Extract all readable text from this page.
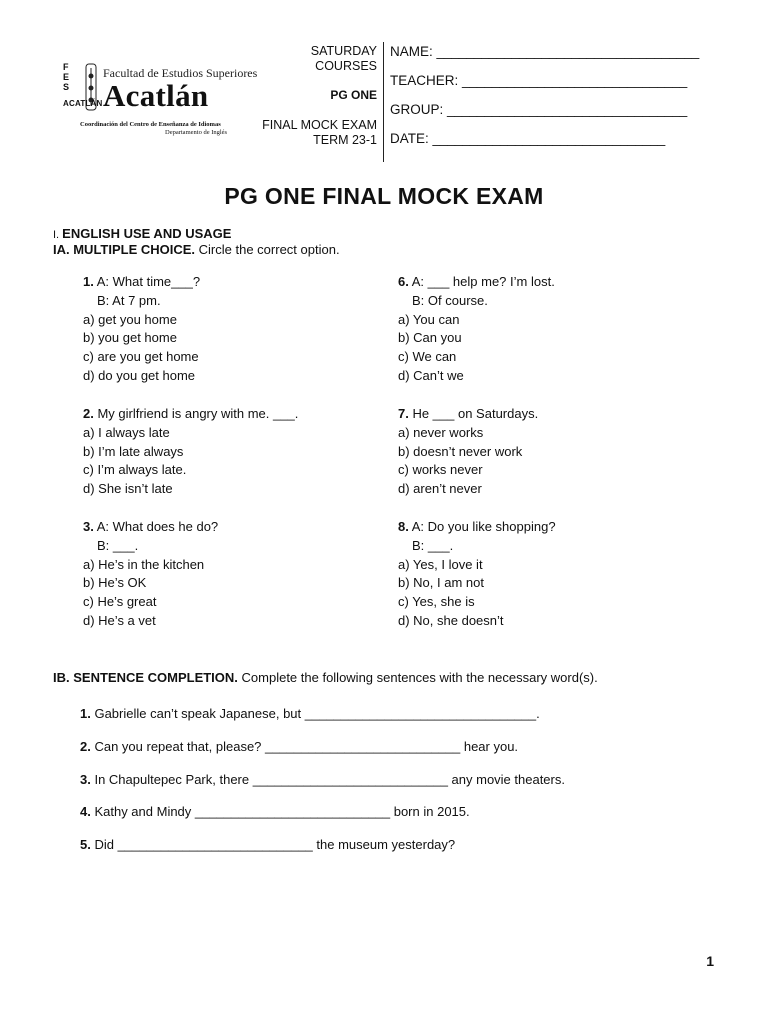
F
E
S
ACATLÁN
Facultad de Estudios Superiores
Acatlán
Coordinación del Centro de Enseñanza de Idiomas
Departamento de Inglés
SATURDAY
COURSES
PG ONE
FINAL MOCK EXAM
TERM 23-1
NAME: ___________________________________
TEACHER: ______________________________
GROUP: ________________________________
DATE: _______________________________
PG ONE FINAL MOCK EXAM
I. ENGLISH USE AND USAGE
IA. MULTIPLE CHOICE. Circle the correct option.
1. A: What time___?
B: At 7 pm.
a) get you home
b) you get home
c) are you get home
d) do you get home
2. My girlfriend is angry with me. ___.
a) I always late
b) I’m late always
c) I’m always late.
d) She isn’t late
3. A: What does he do?
B: ___.
a) He’s in the kitchen
b) He’s OK
c) He’s great
d) He’s a vet
6. A: ___ help me? I’m lost.
B: Of course.
a) You can
b) Can you
c) We can
d) Can’t we
7. He ___ on Saturdays.
a) never works
b) doesn’t never work
c) works never
d) aren’t never
8. A: Do you like shopping?
B: ___.
a) Yes, I love it
b) No, I am not
c) Yes, she is
d) No, she doesn’t
IB. SENTENCE COMPLETION. Complete the following sentences with the necessary word(s).
1. Gabrielle can’t speak Japanese, but ________________________________.
2. Can you repeat that, please? ___________________________ hear you.
3. In Chapultepec Park, there ___________________________ any movie theaters.
4. Kathy and Mindy ___________________________ born in 2015.
5. Did ___________________________ the museum yesterday?
1
